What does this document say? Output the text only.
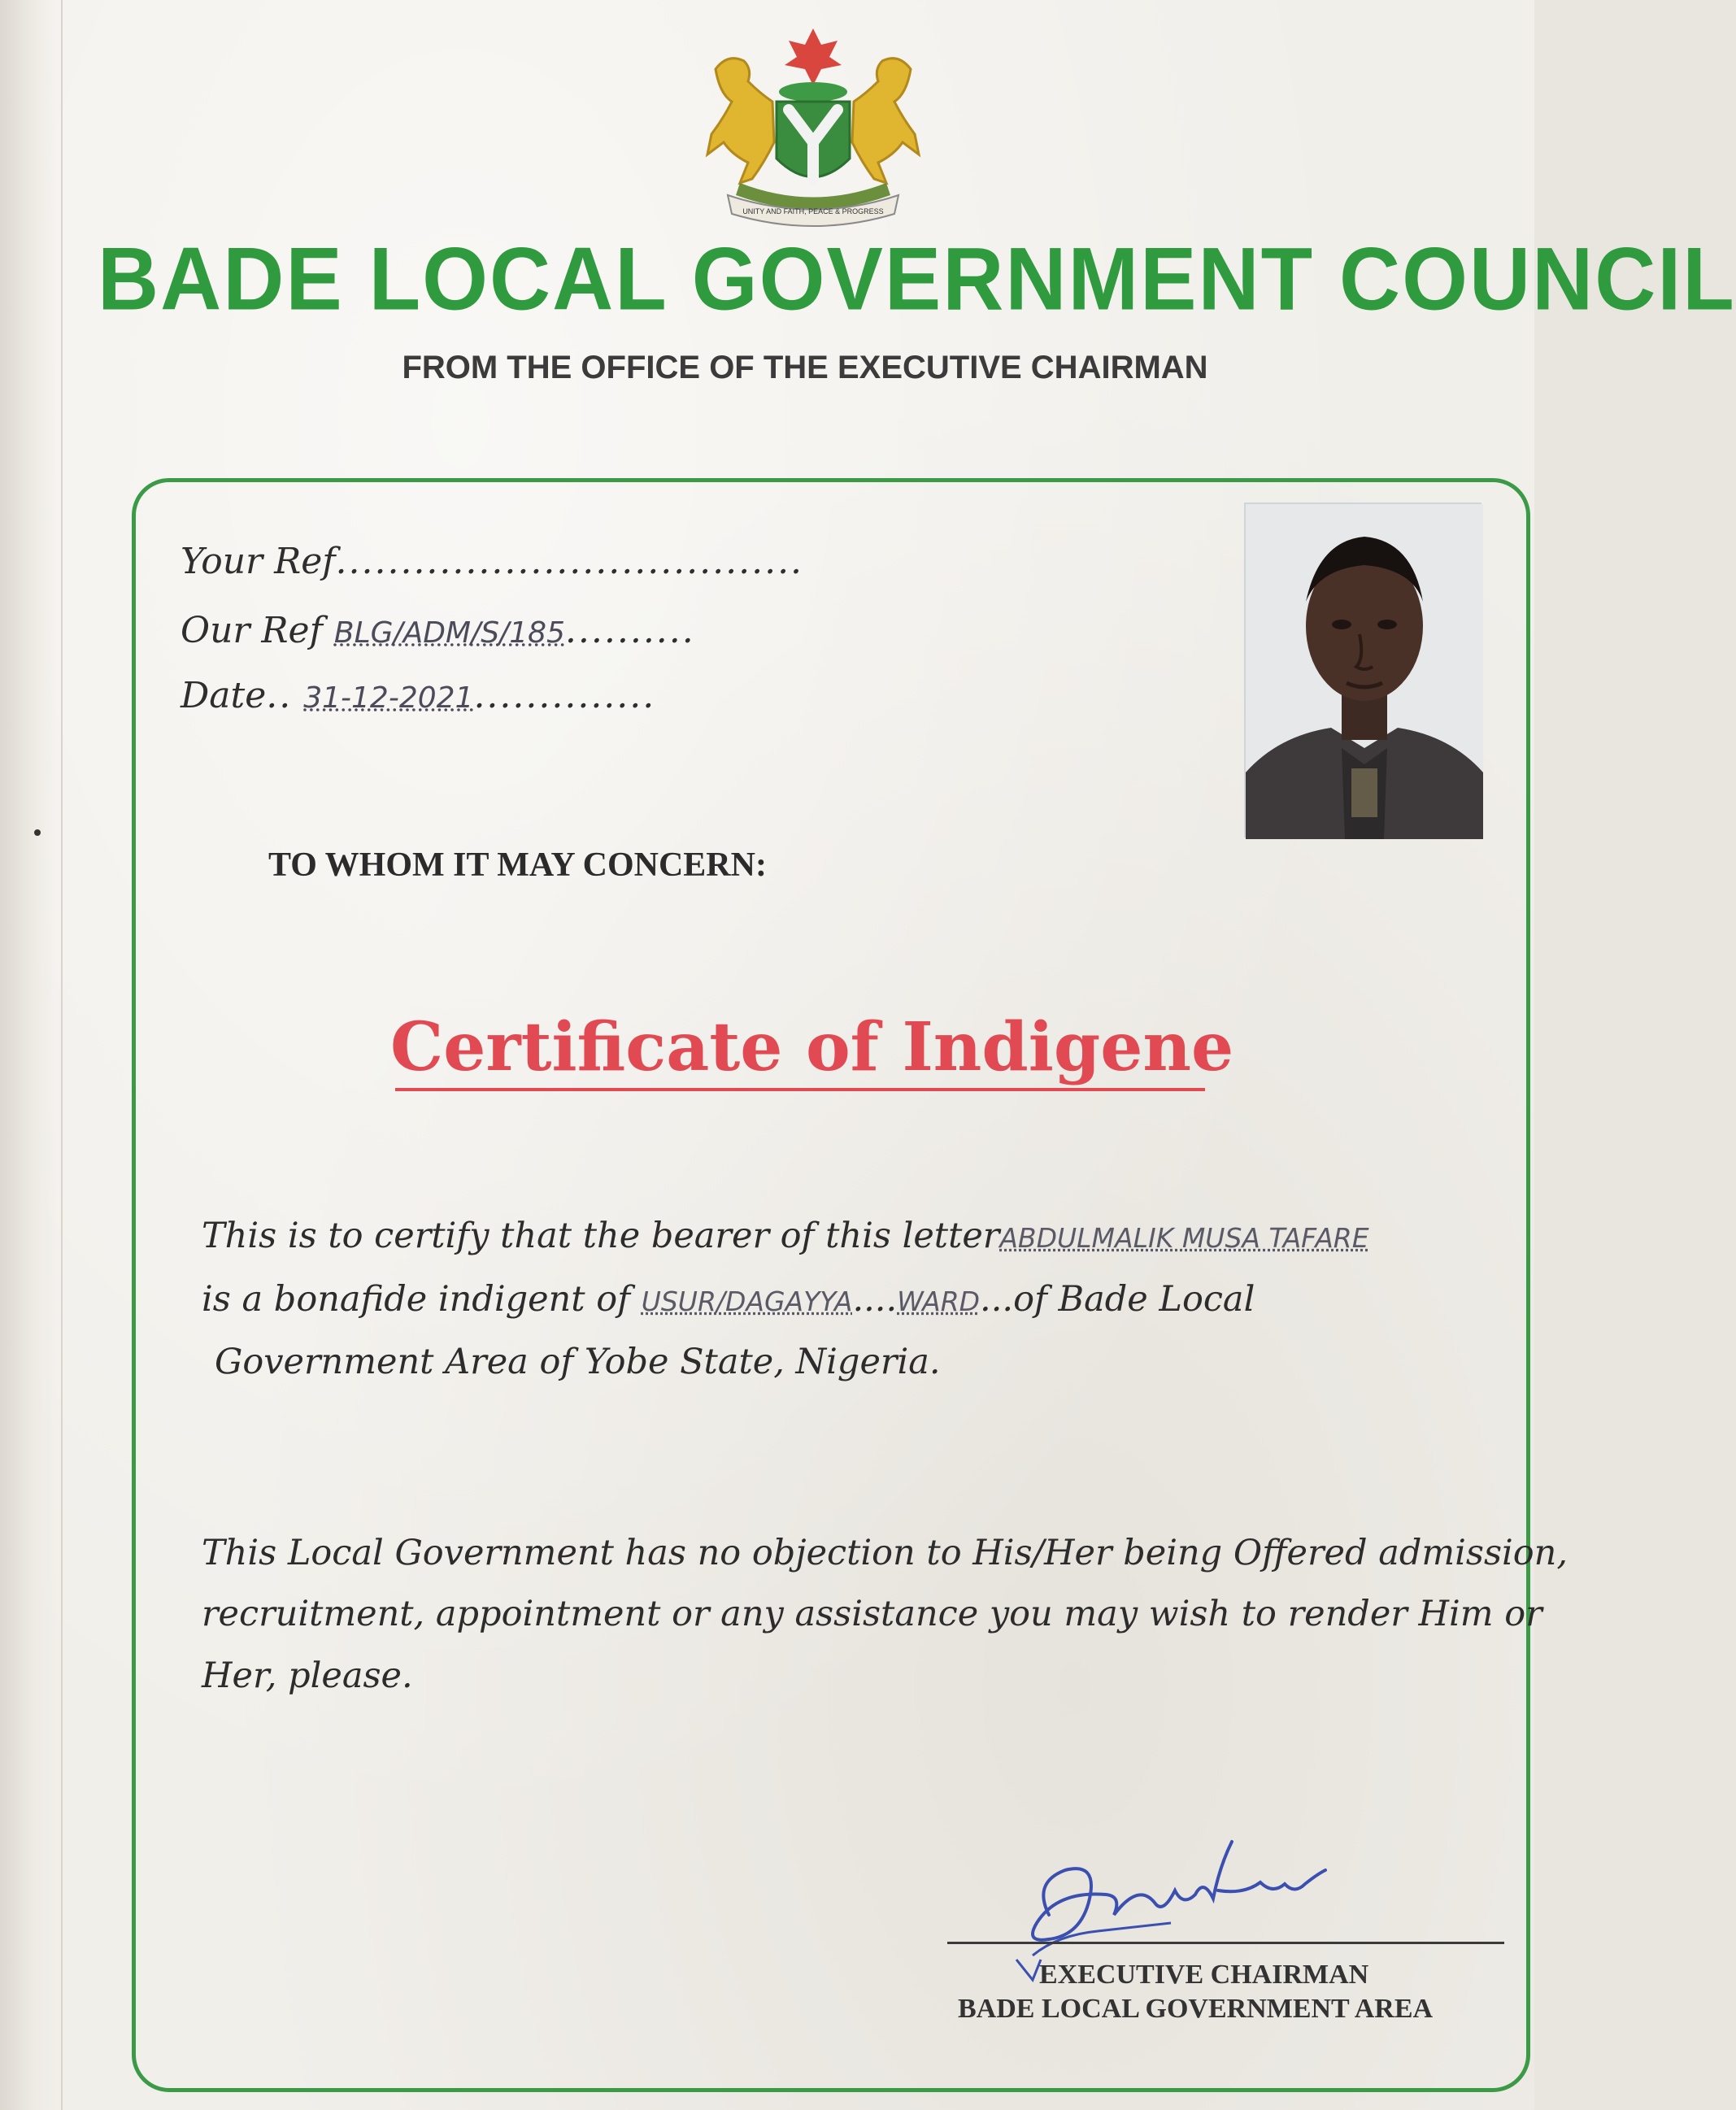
UNITY AND FAITH, PEACE & PROGRESS
BADE LOCAL GOVERNMENT COUNCIL
FROM THE OFFICE OF THE EXECUTIVE CHAIRMAN
Your Ref....................................
Our Ref BLG/ADM/S/185..........
Date.. 31-12-2021..............
TO WHOM IT MAY CONCERN:
Certificate of Indigene
This is to certify that the bearer of this letterABDULMALIK MUSA TAFARE
is a bonafide indigent of USUR/DAGAYYA....WARD...of Bade Local
Government Area of Yobe State, Nigeria.
This Local Government has no objection to His/Her being Offered admission,
recruitment, appointment or any assistance you may wish to render Him or
Her, please.
EXECUTIVE CHAIRMAN
BADE LOCAL GOVERNMENT AREA
